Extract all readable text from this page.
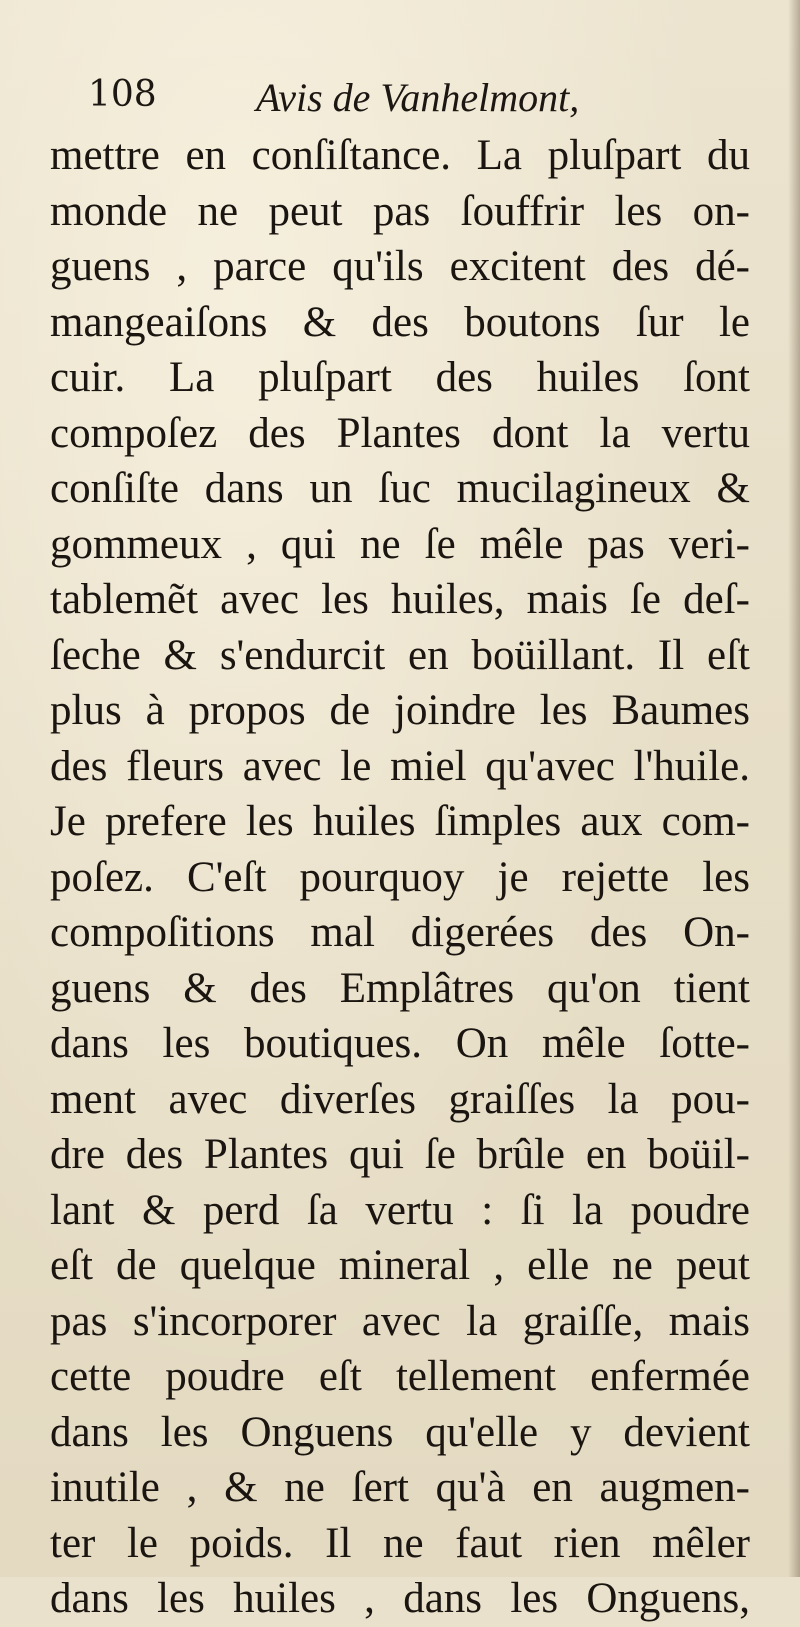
108 Avis de Vanhelmont,
mettre en conſiſtance. La pluſpart du
monde ne peut pas ſouffrir les on-
guens , parce qu'ils excitent des dé-
mangeaiſons & des boutons ſur le
cuir. La pluſpart des huiles ſont
compoſez des Plantes dont la vertu
conſiſte dans un ſuc mucilagineux &
gommeux , qui ne ſe mêle pas veri-
tablemẽt avec les huiles, mais ſe deſ-
ſeche & s'endurcit en boüillant. Il eſt
plus à propos de joindre les Baumes
des fleurs avec le miel qu'avec l'huile.
Je prefere les huiles ſimples aux com-
poſez. C'eſt pourquoy je rejette les
compoſitions mal digerées des On-
guens & des Emplâtres qu'on tient
dans les boutiques. On mêle ſotte-
ment avec diverſes graiſſes la pou-
dre des Plantes qui ſe brûle en boüil-
lant & perd ſa vertu : ſi la poudre
eſt de quelque mineral , elle ne peut
pas s'incorporer avec la graiſſe, mais
cette poudre eſt tellement enfermée
dans les Onguens qu'elle y devient
inutile , & ne ſert qu'à en augmen-
ter le poids. Il ne faut rien mêler
dans les huiles , dans les Onguens,
